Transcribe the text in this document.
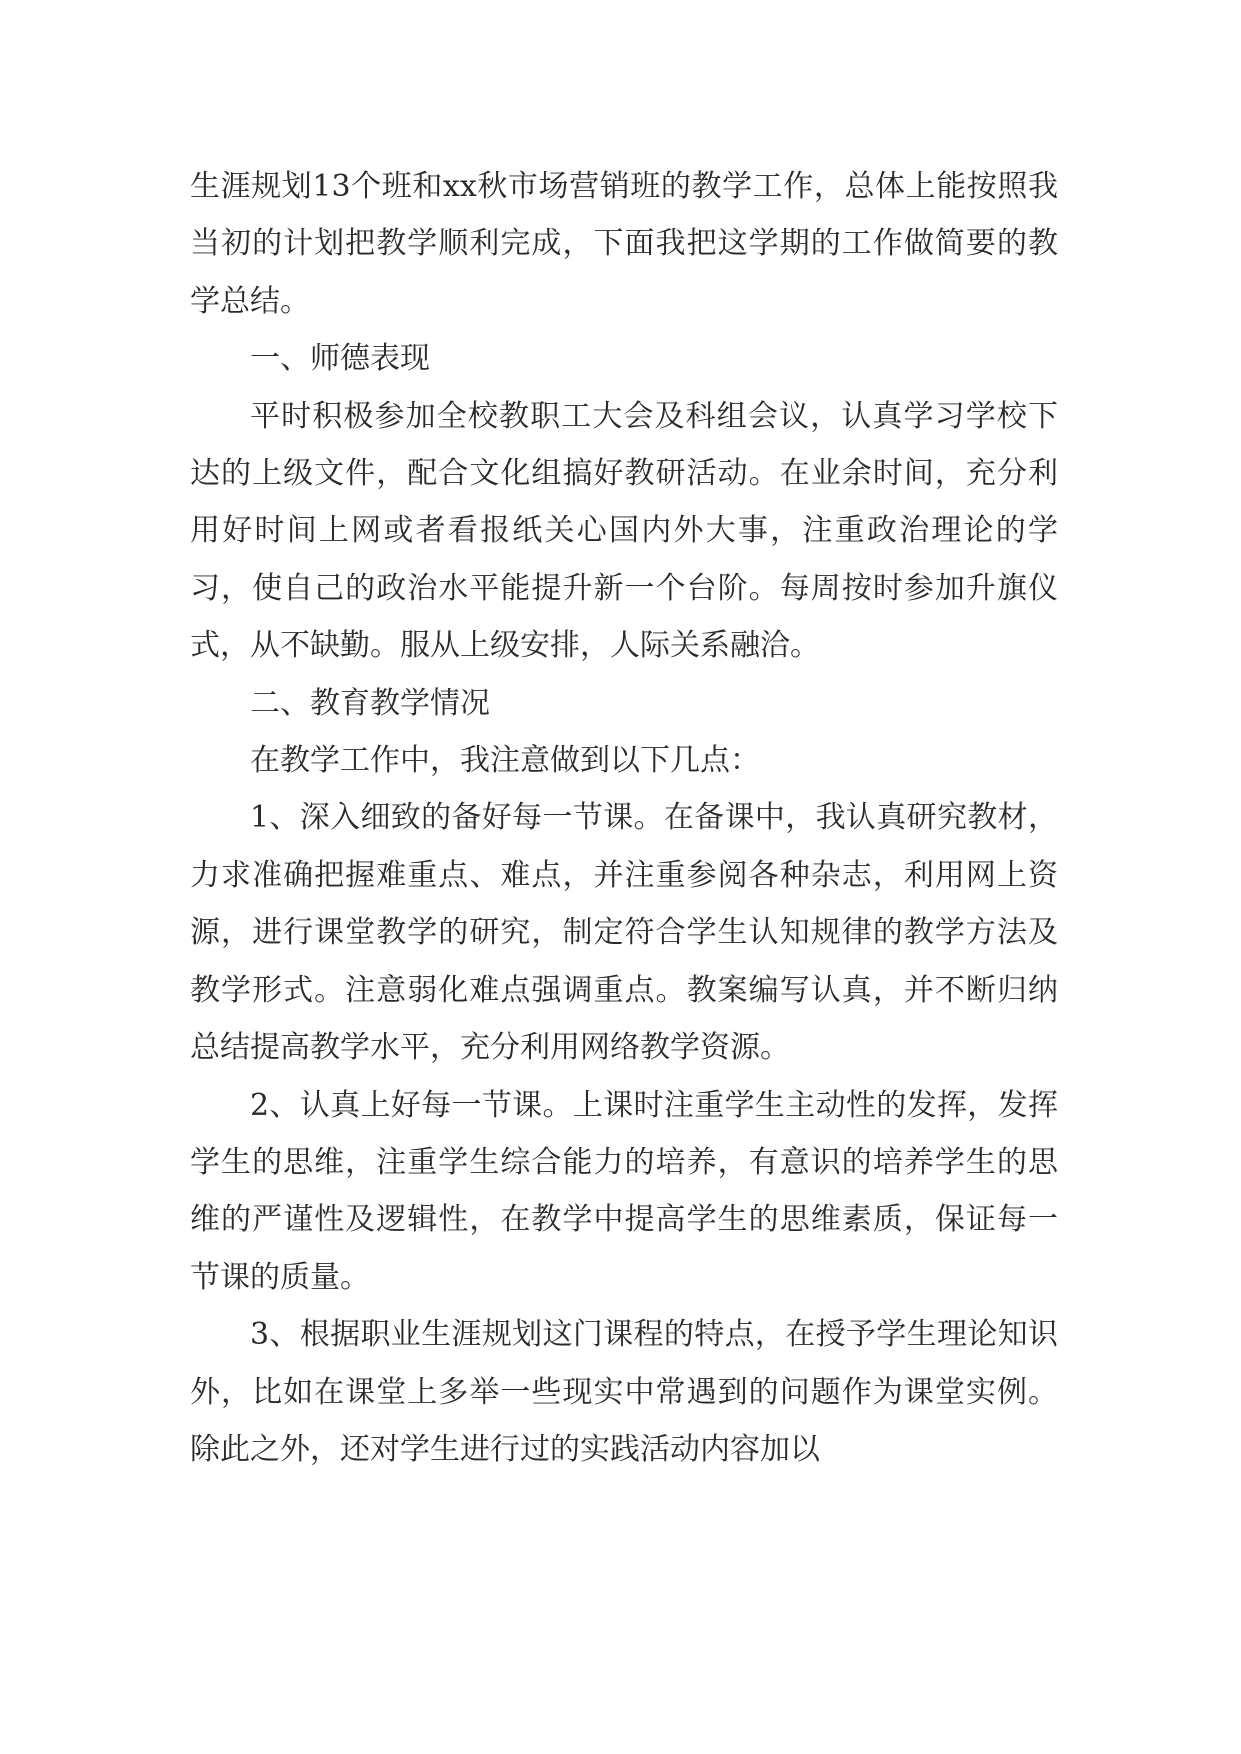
生涯规划13个班和xx秋市场营销班的教学工作，总体上能按照我当初的计划把教学顺利完成，下面我把这学期的工作做简要的教学总结。

一、师德表现

平时积极参加全校教职工大会及科组会议，认真学习学校下达的上级文件，配合文化组搞好教研活动。在业余时间，充分利用好时间上网或者看报纸关心国内外大事，注重政治理论的学习，使自己的政治水平能提升新一个台阶。每周按时参加升旗仪式，从不缺勤。服从上级安排，人际关系融洽。

二、教育教学情况

在教学工作中，我注意做到以下几点：

1、深入细致的备好每一节课。在备课中，我认真研究教材，力求准确把握难重点、难点，并注重参阅各种杂志，利用网上资源，进行课堂教学的研究，制定符合学生认知规律的教学方法及教学形式。注意弱化难点强调重点。教案编写认真，并不断归纳总结提高教学水平，充分利用网络教学资源。

2、认真上好每一节课。上课时注重学生主动性的发挥，发挥学生的思维，注重学生综合能力的培养，有意识的培养学生的思维的严谨性及逻辑性，在教学中提高学生的思维素质，保证每一节课的质量。

3、根据职业生涯规划这门课程的特点，在授予学生理论知识外，比如在课堂上多举一些现实中常遇到的问题作为课堂实例。除此之外，还对学生进行过的实践活动内容加以
